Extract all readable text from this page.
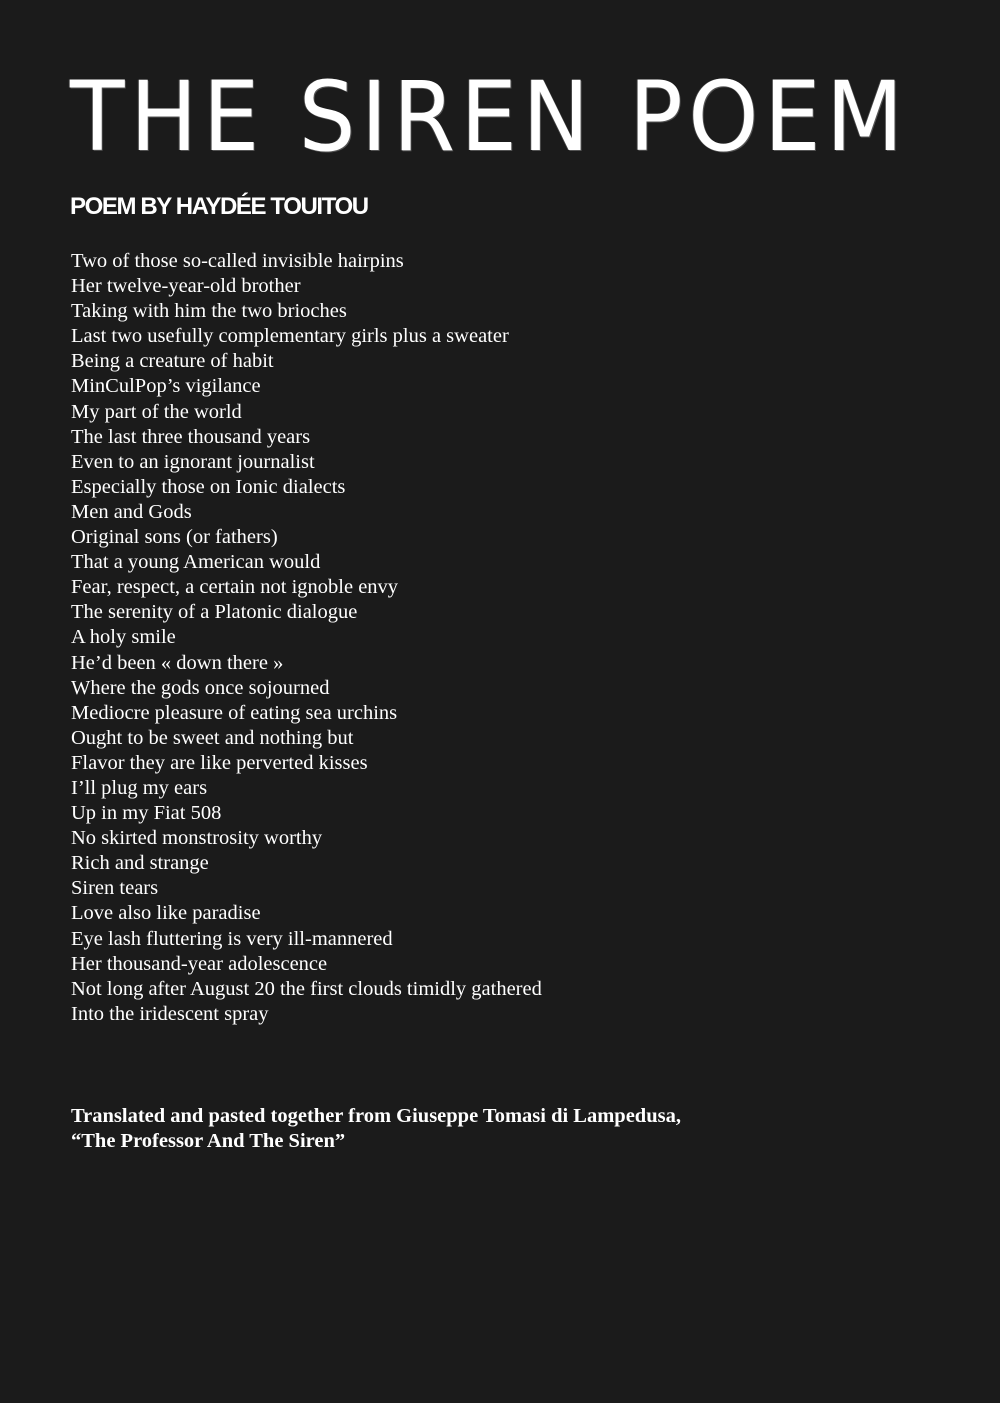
THE SIREN POEM
POEM BY HAYDÉE TOUITOU
Two of those so-called invisible hairpins
Her twelve-year-old brother
Taking with him the two brioches
Last two usefully complementary girls plus a sweater
Being a creature of habit
MinCulPop’s vigilance
My part of the world
The last three thousand years
Even to an ignorant journalist
Especially those on Ionic dialects
Men and Gods
Original sons (or fathers)
That a young American would
Fear, respect, a certain not ignoble envy
The serenity of a Platonic dialogue
A holy smile
He’d been « down there »
Where the gods once sojourned
Mediocre pleasure of eating sea urchins
Ought to be sweet and nothing but
Flavor they are like perverted kisses
I’ll plug my ears
Up in my Fiat 508
No skirted monstrosity worthy
Rich and strange
Siren tears
Love also like paradise
Eye lash fluttering is very ill-mannered
Her thousand-year adolescence
Not long after August 20 the first clouds timidly gathered
Into the iridescent spray
Translated and pasted together from Giuseppe Tomasi di Lampedusa,
“The Professor And The Siren”
